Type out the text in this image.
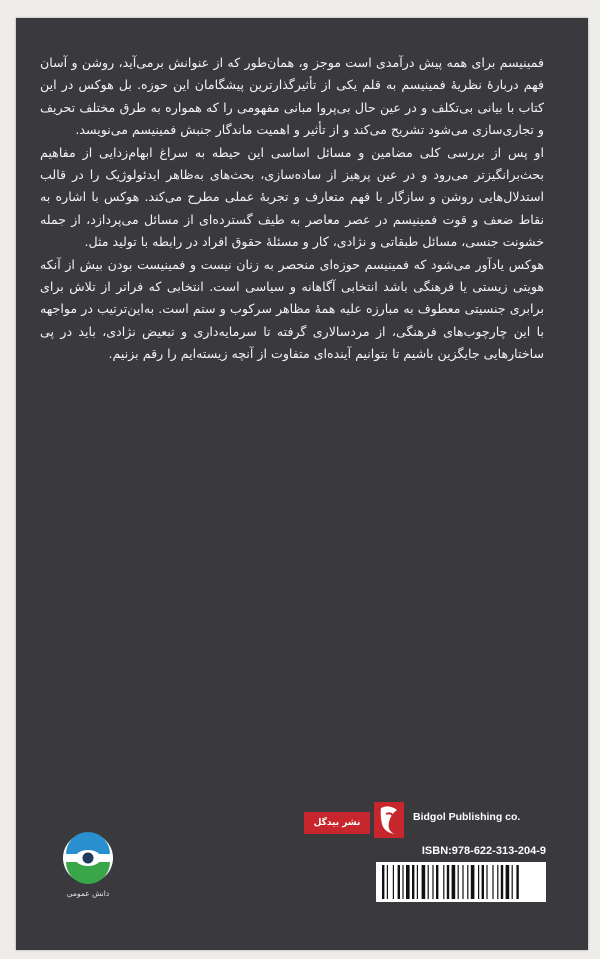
فمینیسم برای همه پیش درآمدی است موجز و، همان‌طور که از عنوانش برمی‌آید، روشن و آسان فهم دربارهٔ نظریهٔ فمینیسم به قلم یکی از تأثیرگذارترین پیشگامان این حوزه. بل هوکس در این کتاب با بیانی بی‌تکلف و در عین حال بی‌پروا مبانی مفهومی را که همواره به طرق مختلف تحریف و تجاری‌سازی می‌شود تشریح می‌کند و از تأثیر و اهمیت ماندگار جنبش فمینیسم می‌نویسد.

او پس از بررسی کلی مضامین و مسائل اساسی این حیطه به سراغ ابهام‌زدایی از مفاهیم بحث‌برانگیزتر می‌رود و در عین پرهیز از ساده‌سازی، بحث‌های به‌ظاهر ایدئولوژیک را در قالب استدلال‌هایی روشن و سازگار با فهم متعارف و تجربهٔ عملی مطرح می‌کند. هوکس با اشاره به نقاط ضعف و قوت فمینیسم در عصر معاصر به طیف گسترده‌ای از مسائل می‌پردازد، از جمله خشونت جنسی، مسائل طبقاتی و نژادی، کار و مسئلهٔ حقوق افراد در رابطه با تولید مثل.

هوکس یادآور می‌شود که فمینیسم حوزه‌ای منحصر به زنان نیست و فمینیست بودن بیش از آنکه هویتی زیستی یا فرهنگی باشد انتخابی آگاهانه و سیاسی است. انتخابی که فراتر از تلاش برای برابری جنسیتی معطوف به مبارزه علیه همهٔ مظاهر سرکوب و ستم است. به‌این‌ترتیب در مواجهه با این چارچوب‌های فرهنگی، از مردسالاری گرفته تا سرمایه‌داری و تبعیض نژادی، باید در پی ساختارهایی جایگزین باشیم تا بتوانیم آینده‌ای متفاوت از آنچه زیسته‌ایم را رقم بزنیم.

دانش عمومی
Bidgol Publishing co.
نشر بیدگل
ISBN:978-622-313-204-9
